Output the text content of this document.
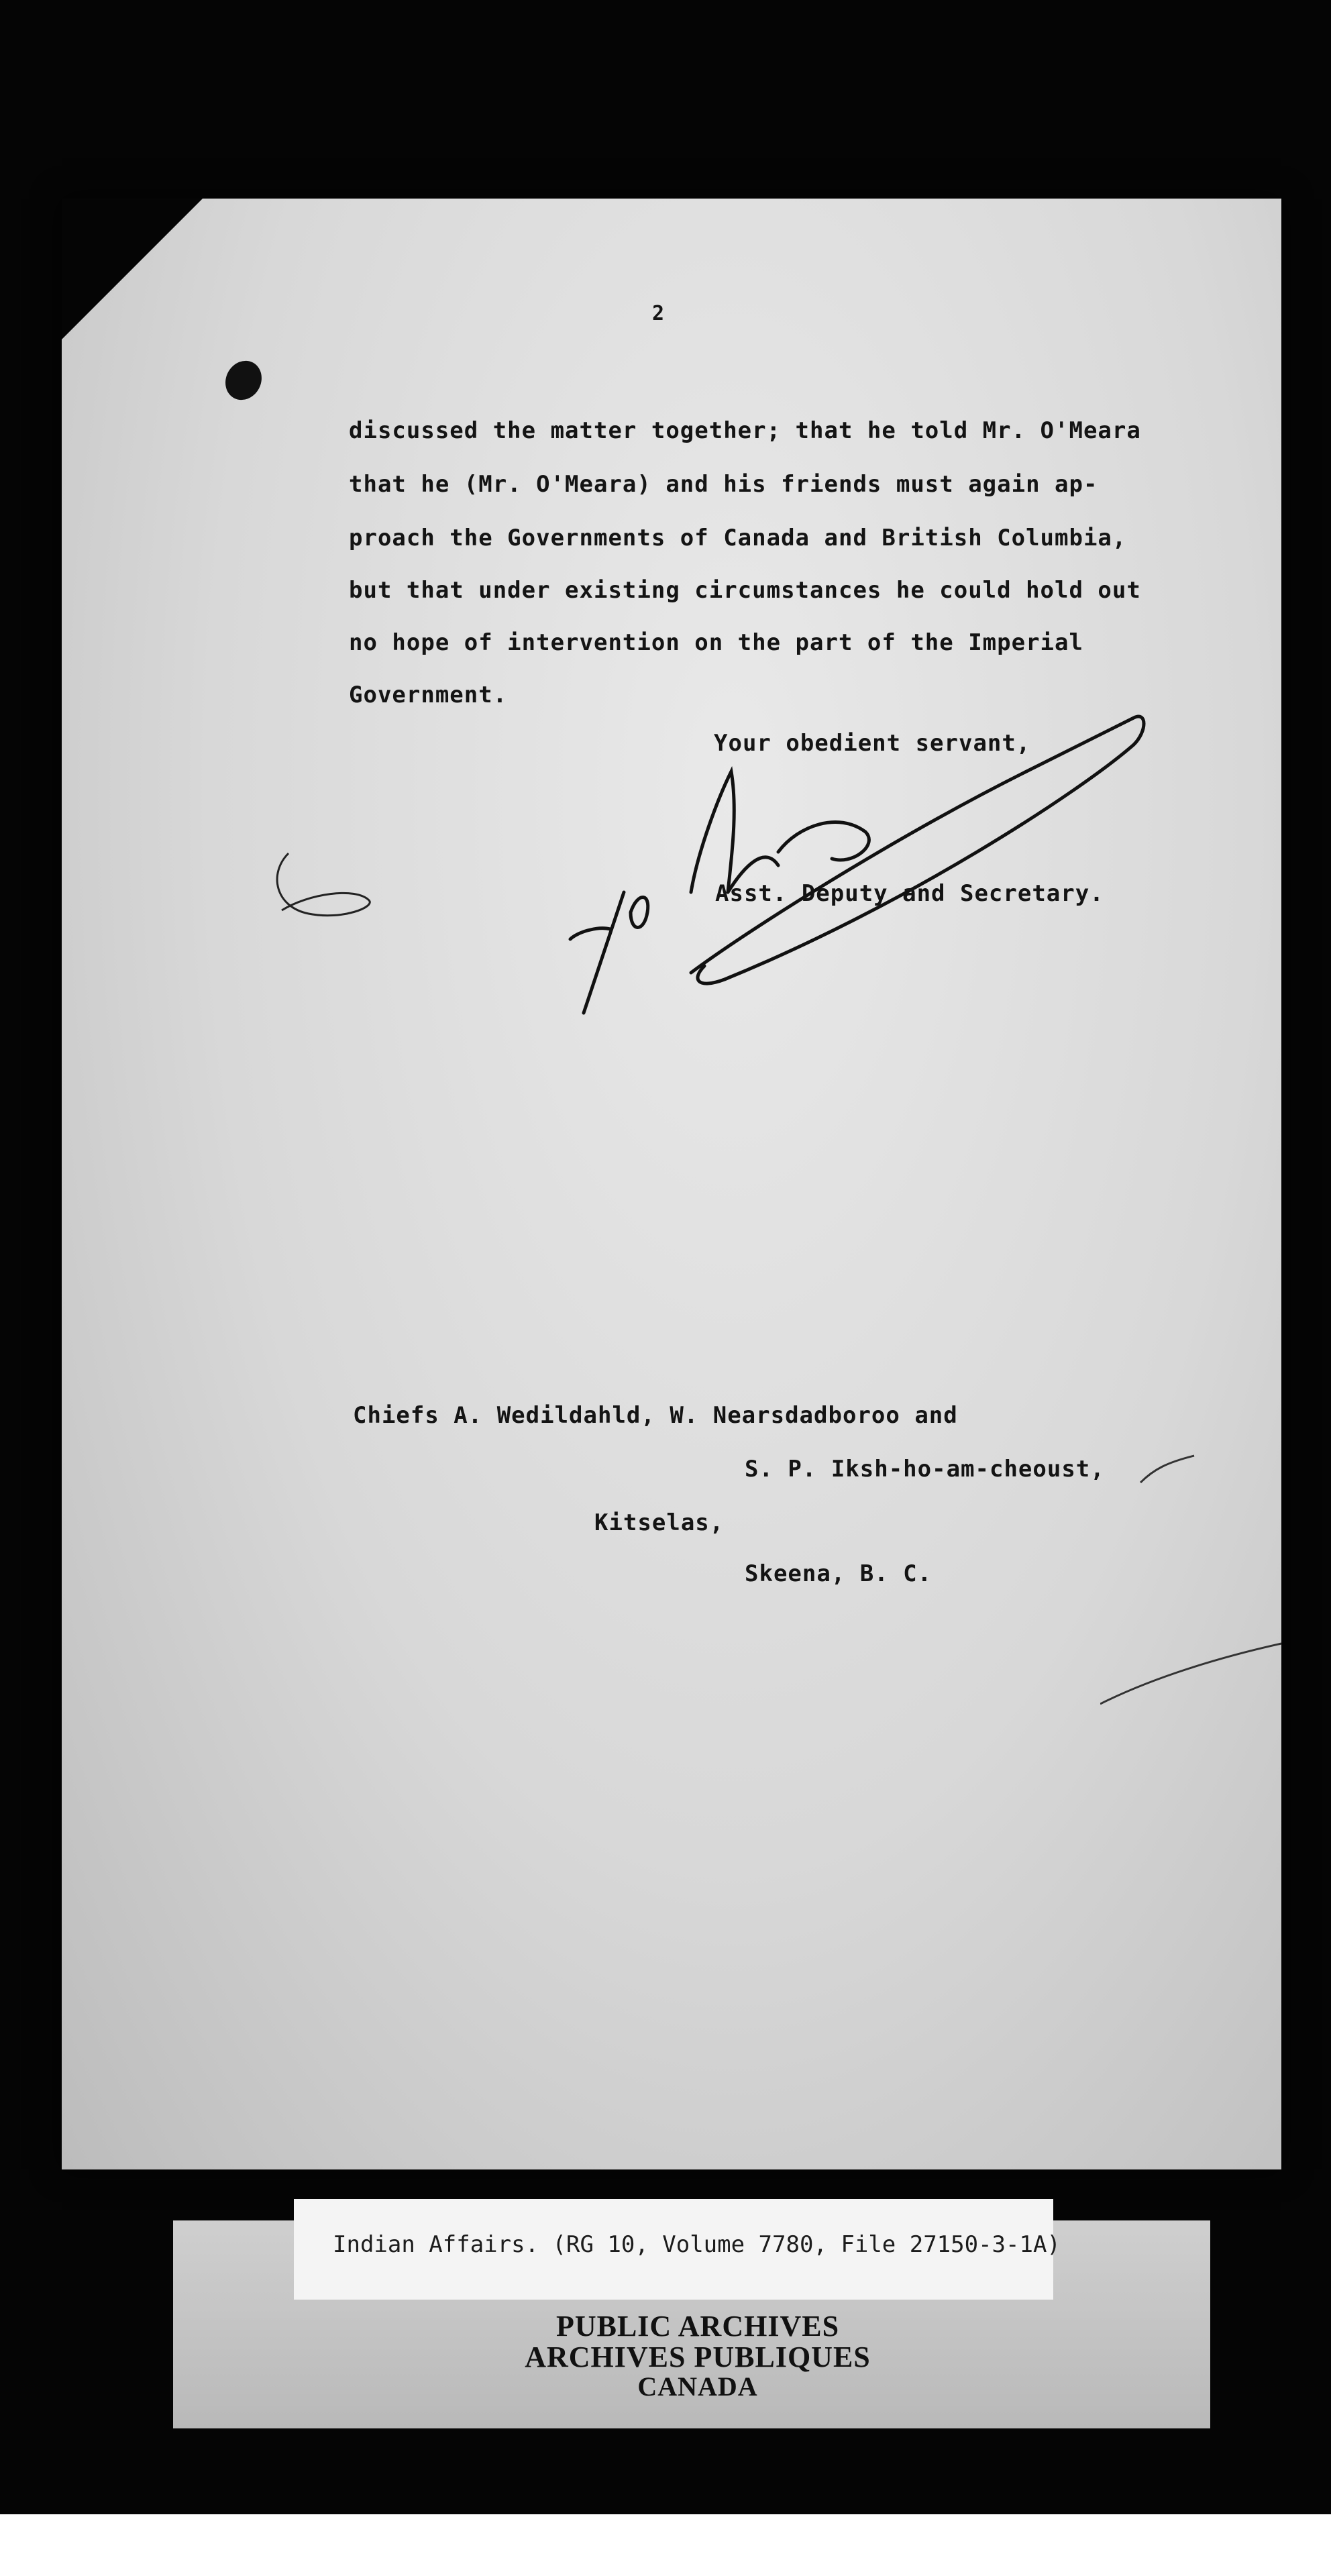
2
discussed the matter together; that he told Mr. O'Meara
that he (Mr. O'Meara) and his friends must again ap-
proach the Governments of Canada and British Columbia,
but that under existing circumstances he could hold out
no hope of intervention on the part of the Imperial
Government.
Your obedient servant,
Asst. Deputy and Secretary.
Chiefs A. Wedildahld, W. Nearsdadboroo and
S. P. Iksh-ho-am-cheoust,
Kitselas,
Skeena, B. C.
Indian Affairs. (RG 10, Volume 7780, File 27150-3-1A)
PUBLIC ARCHIVES
ARCHIVES PUBLIQUES
CANADA
